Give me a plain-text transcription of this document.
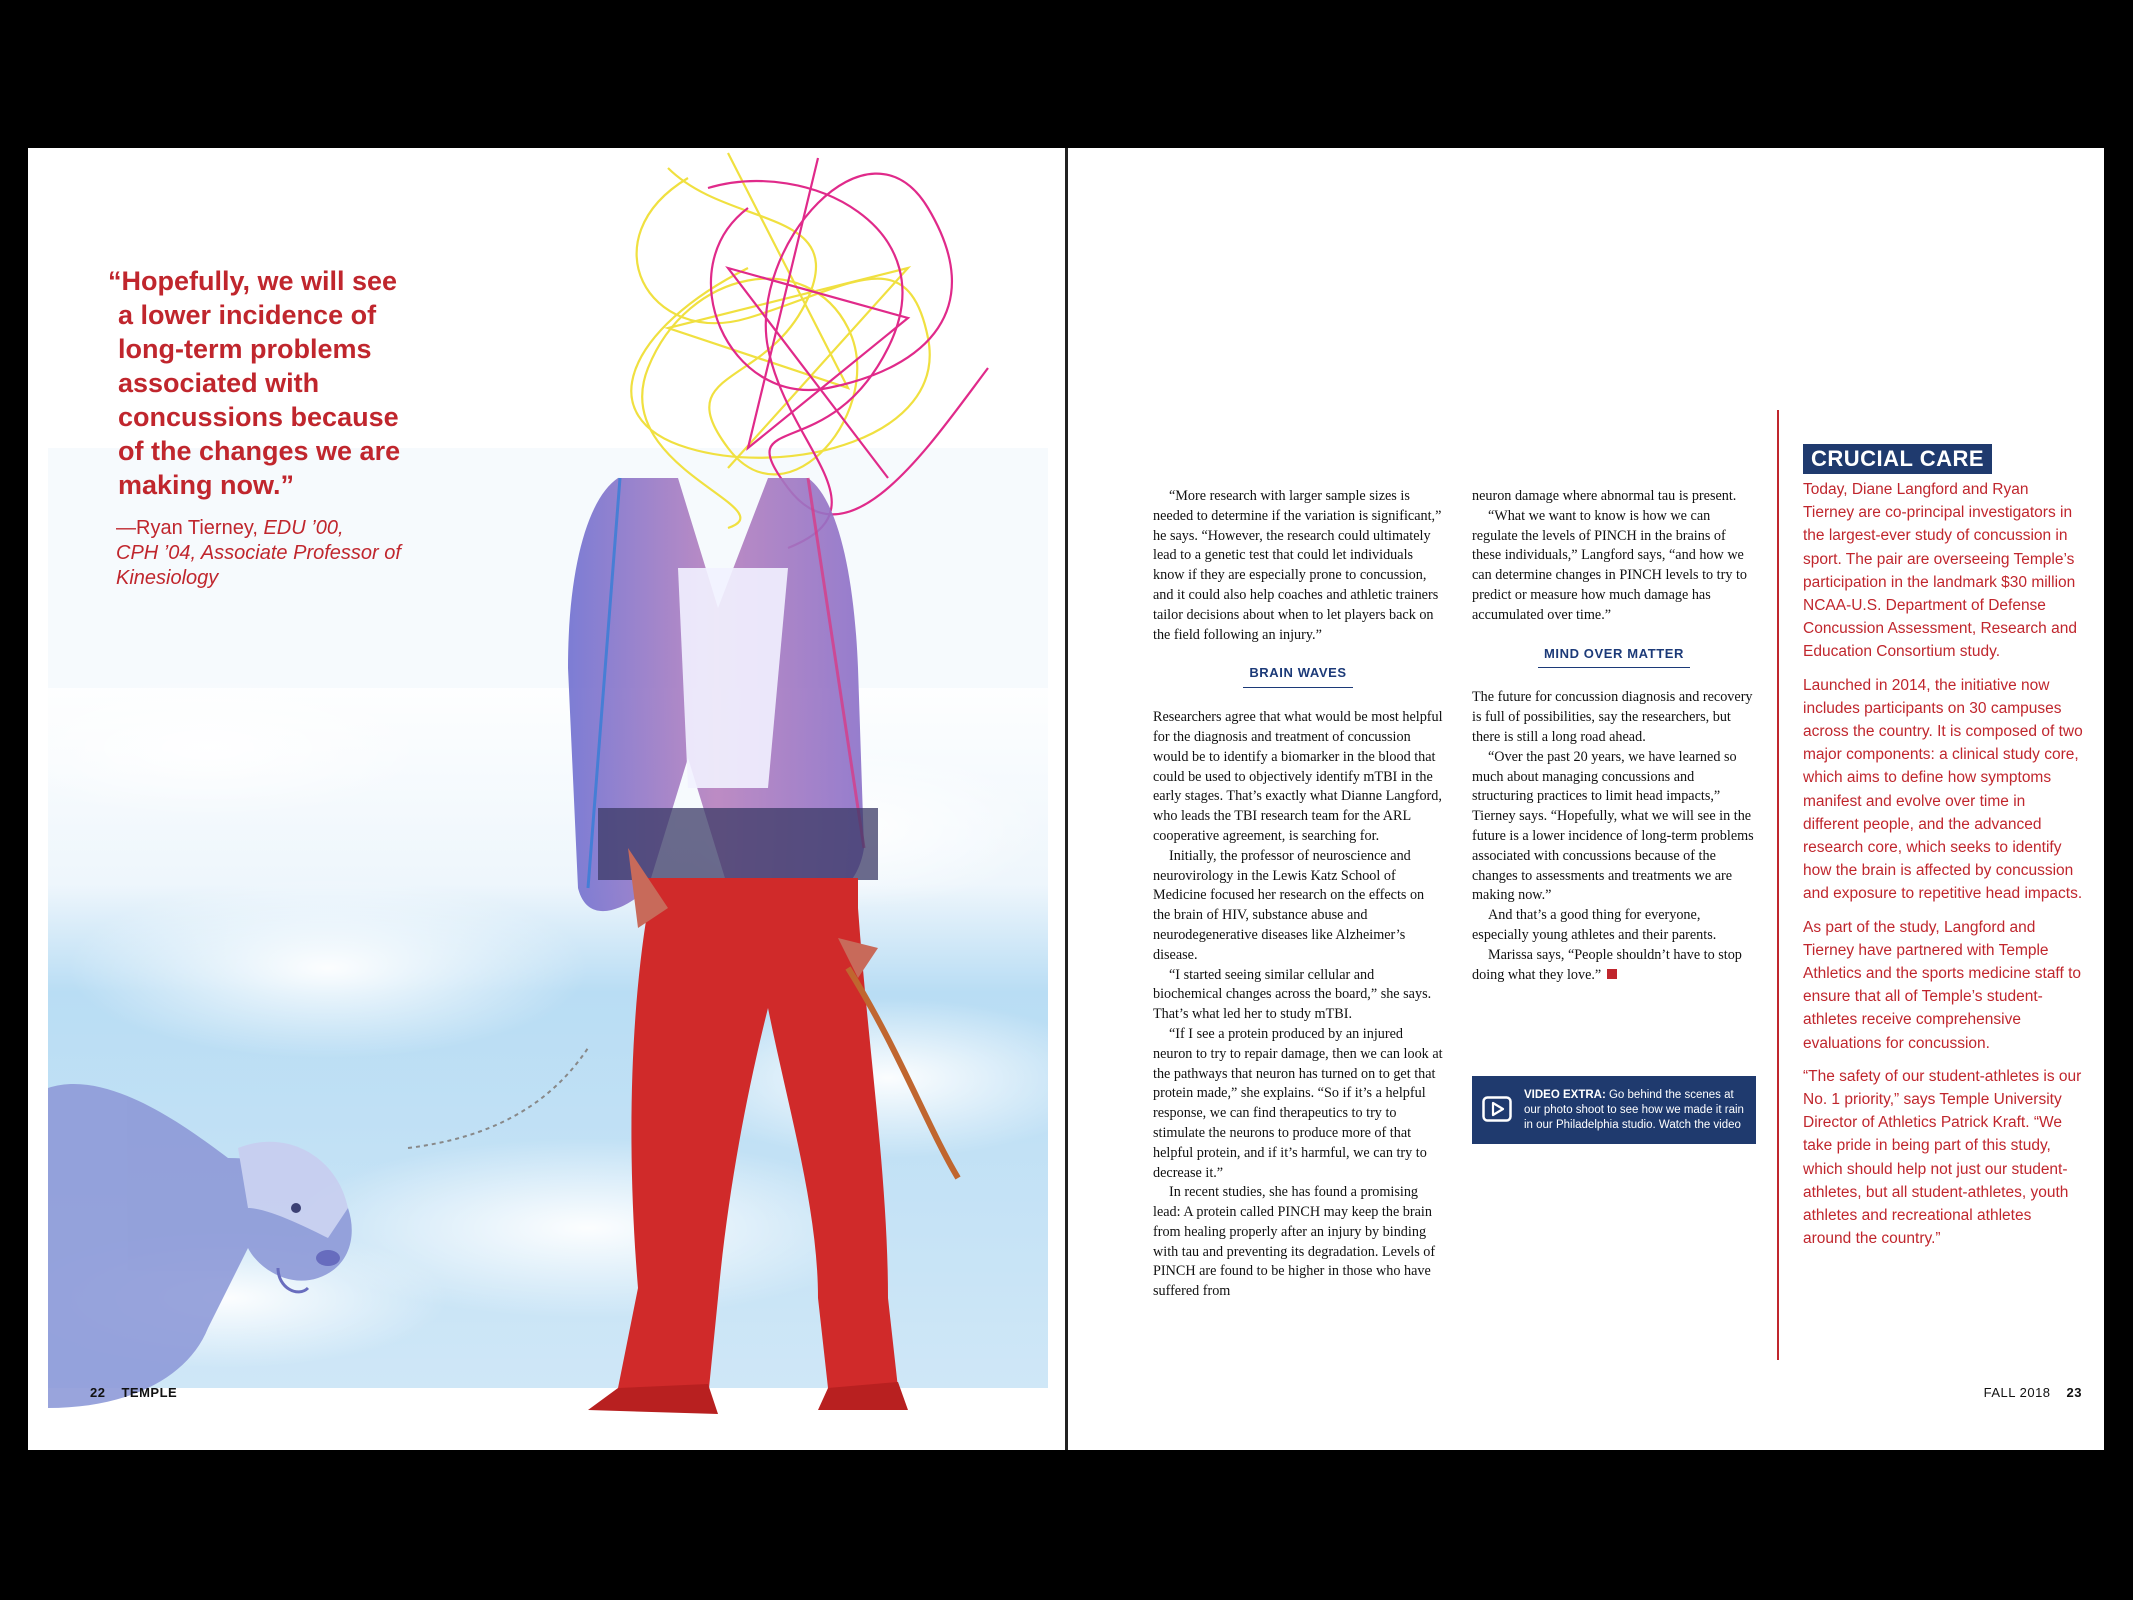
“Hopefully, we will see
a lower incidence of
long-term problems
associated with
concussions because
of the changes we are
making now.”
—Ryan Tierney, EDU ’00,
CPH ’04, Associate Professor of
Kinesiology
22 TEMPLE

“More research with larger sample sizes is needed to determine if the variation is significant,” he says. “However, the research could ultimately lead to a genetic test that could let individuals know if they are especially prone to concussion, and it could also help coaches and athletic trainers tailor decisions about when to let players back on the field following an injury.”

BRAIN WAVES

Researchers agree that what would be most helpful for the diagnosis and treatment of concussion would be to identify a biomarker in the blood that could be used to objectively identify mTBI in the early stages. That’s exactly what Dianne Langford, who leads the TBI research team for the ARL cooperative agreement, is searching for.

Initially, the professor of neuroscience and neurovirology in the Lewis Katz School of Medicine focused her research on the effects on the brain of HIV, substance abuse and neurodegenerative diseases like Alzheimer’s disease.

“I started seeing similar cellular and biochemical changes across the board,” she says. That’s what led her to study mTBI.

“If I see a protein produced by an injured neuron to try to repair damage, then we can look at the pathways that neuron has turned on to get that protein made,” she explains. “So if it’s a helpful response, we can find therapeutics to try to stimulate the neurons to produce more of that helpful protein, and if it’s harmful, we can try to decrease it.”

In recent studies, she has found a promising lead: A protein called PINCH may keep the brain from healing properly after an injury by binding with tau and preventing its degradation. Levels of PINCH are found to be higher in those who have suffered from

neuron damage where abnormal tau is present.

“What we want to know is how we can regulate the levels of PINCH in the brains of these individuals,” Langford says, “and how we can determine changes in PINCH levels to try to predict or measure how much damage has accumulated over time.”

MIND OVER MATTER

The future for concussion diagnosis and recovery is full of possibilities, say the researchers, but there is still a long road ahead.

“Over the past 20 years, we have learned so much about managing concussions and structuring practices to limit head impacts,” Tierney says. “Hopefully, what we will see in the future is a lower incidence of long-term problems associated with concussions because of the changes to assessments and treatments we are making now.”

And that’s a good thing for everyone, especially young athletes and their parents.

Marissa says, “People shouldn’t have to stop doing what they love.”

VIDEO EXTRA: Go behind the scenes at our photo shoot to see how we made it rain in our Philadelphia studio. Watch the video
CRUCIAL CARE

Today, Diane Langford and Ryan Tierney are co-principal investigators in the largest-ever study of concussion in sport. The pair are overseeing Temple’s participation in the landmark $30 million NCAA-U.S. Department of Defense Concussion Assessment, Research and Education Consortium study.

Launched in 2014, the initiative now includes participants on 30 campuses across the country. It is composed of two major components: a clinical study core, which aims to define how symptoms manifest and evolve over time in different people, and the advanced research core, which seeks to identify how the brain is affected by concussion and exposure to repetitive head impacts.

As part of the study, Langford and Tierney have partnered with Temple Athletics and the sports medicine staff to ensure that all of Temple’s student-athletes receive comprehensive evaluations for concussion.

“The safety of our student-athletes is our No. 1 priority,” says Temple University Director of Athletics Patrick Kraft. “We take pride in being part of this study, which should help not just our student-athletes, but all student-athletes, youth athletes and recreational athletes around the country.”

FALL 2018 23
